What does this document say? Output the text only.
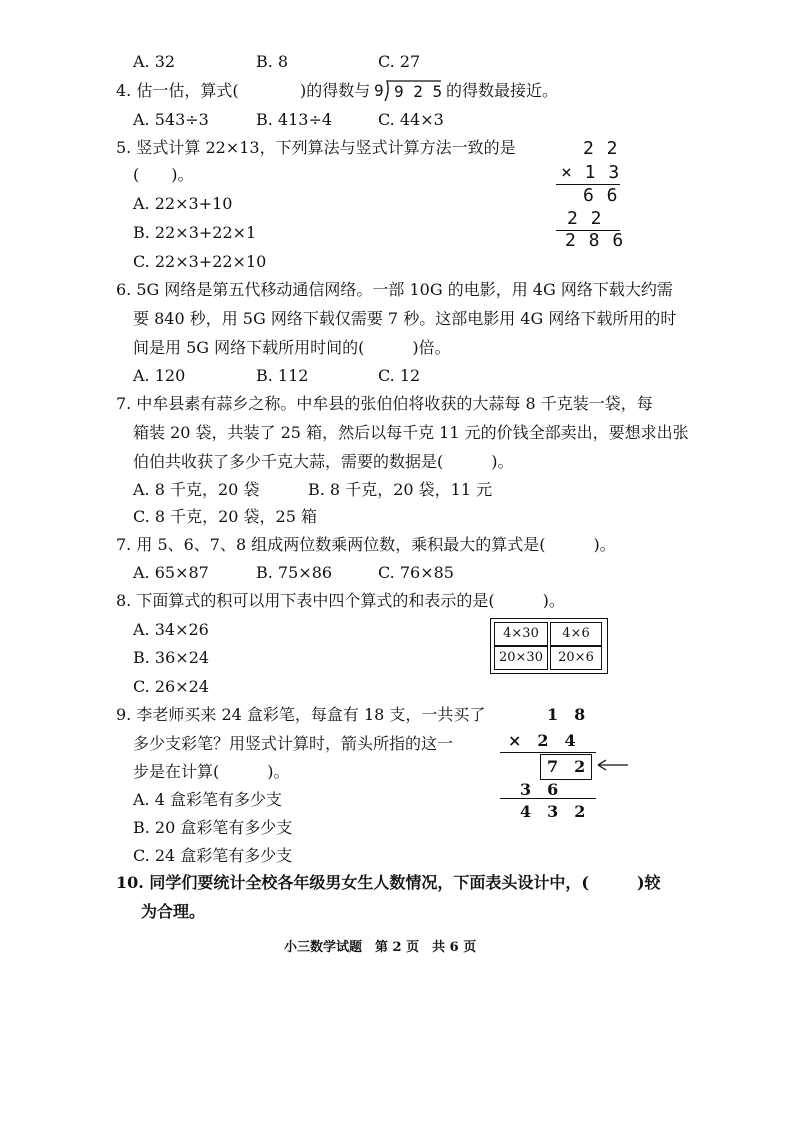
A. 32	B. 8	C. 27
4. 估一估，算式(	)的得数与 9 9 2 5 的得数最接近。
A. 543÷3	B. 413÷4	C. 44×3
5. 竖式计算 22×13，下列算法与竖式计算方法一致的是
(　　)。
A. 22×3+10
B. 22×3+22×1
C. 22×3+22×10
2 2
× 1 3
6 6
2 2
2 8 6
6. 5G 网络是第五代移动通信网络。一部 10G 的电影，用 4G 网络下载大约需
要 840 秒，用 5G 网络下载仅需要 7 秒。这部电影用 4G 网络下载所用的时
间是用 5G 网络下载所用时间的(　　　)倍。
A. 120	B. 112	C. 12
7. 中牟县素有蒜乡之称。中牟县的张伯伯将收获的大蒜每 8 千克装一袋，每
箱装 20 袋，共装了 25 箱，然后以每千克 11 元的价钱全部卖出，要想求出张
伯伯共收获了多少千克大蒜，需要的数据是(　　　)。
A. 8 千克，20 袋	B. 8 千克，20 袋，11 元
C. 8 千克，20 袋，25 箱
7. 用 5、6、7、8 组成两位数乘两位数，乘积最大的算式是(　　　)。
A. 65×87	B. 75×86	C. 76×85
8. 下面算式的积可以用下表中四个算式的和表示的是(　　　)。
A. 34×26
B. 36×24
C. 26×24
4×30	4×6
20×30	20×6
9. 李老师买来 24 盒彩笔，每盒有 18 支，一共买了
多少支彩笔？用竖式计算时，箭头所指的这一
步是在计算(　　　)。
A. 4 盒彩笔有多少支
B. 20 盒彩笔有多少支
C. 24 盒彩笔有多少支
1　8
×　2　4
7　2
3　6
4　3　2
10. 同学们要统计全校各年级男女生人数情况，下面表头设计中，(　　　)较
为合理。
小三数学试题　第 2 页　共 6 页
